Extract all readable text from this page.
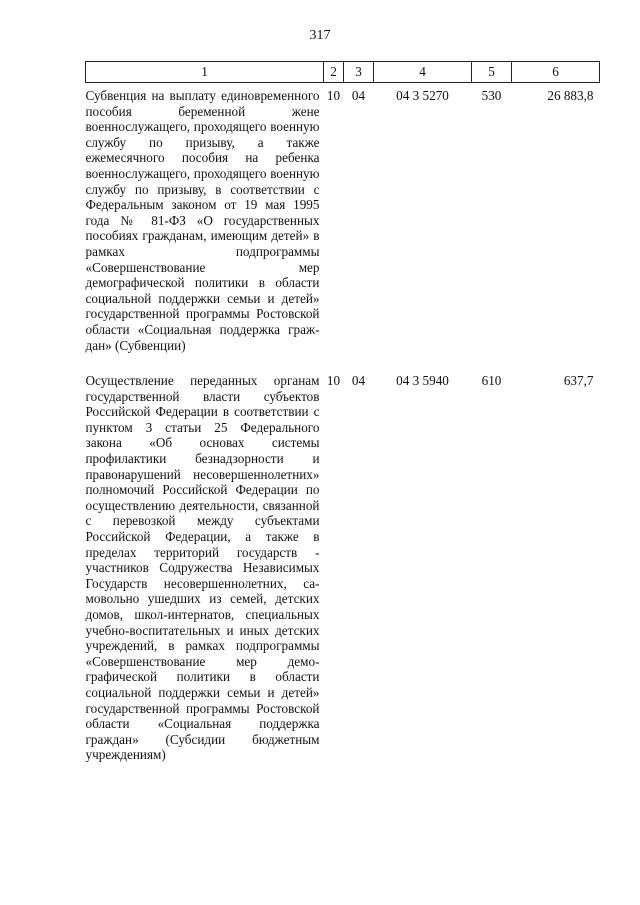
317
1	2	3	4	5	6
Субвенция на выплату единовременного пособия беременной жене военнослужащего, проходящего военную службу по призыву, а также ежемесячного пособия на ребенка военнослужащего, проходящего военную службу по призыву, в соответствии с Федеральным законом от 19 мая 1995 года № 81-ФЗ «О государственных пособиях гражданам, имеющим детей» в рамках подпрограммы «Совершенствование мер демографической политики в области социальной поддержки семьи и детей» государственной программы Ростовской области «Социальная поддержка граждан» (Субвенции)	10	04	04 3 5270	530	26 883,8

Осуществление переданных органам государственной власти субъектов Российской Федерации в соответствии с пунктом 3 статьи 25 Федерального закона «Об основах системы профилактики безнадзорности и правонарушений несовершеннолетних» полномочий Российской Федерации по осуществлению деятельности, связанной с перевозкой между субъектами Российской Федерации, а также в пределах территорий государств - участников Содружества Независимых Государств несовершеннолетних, самовольно ушедших из семей, детских домов, школ-интернатов, специальных учебно-воспитательных и иных детских учреждений, в рамках подпрограммы «Совершенствование мер демографической политики в области социальной поддержки семьи и детей» государственной программы Ростовской области «Социальная поддержка граждан» (Субсидии бюджетным учреждениям)	10	04	04 3 5940	610	637,7
